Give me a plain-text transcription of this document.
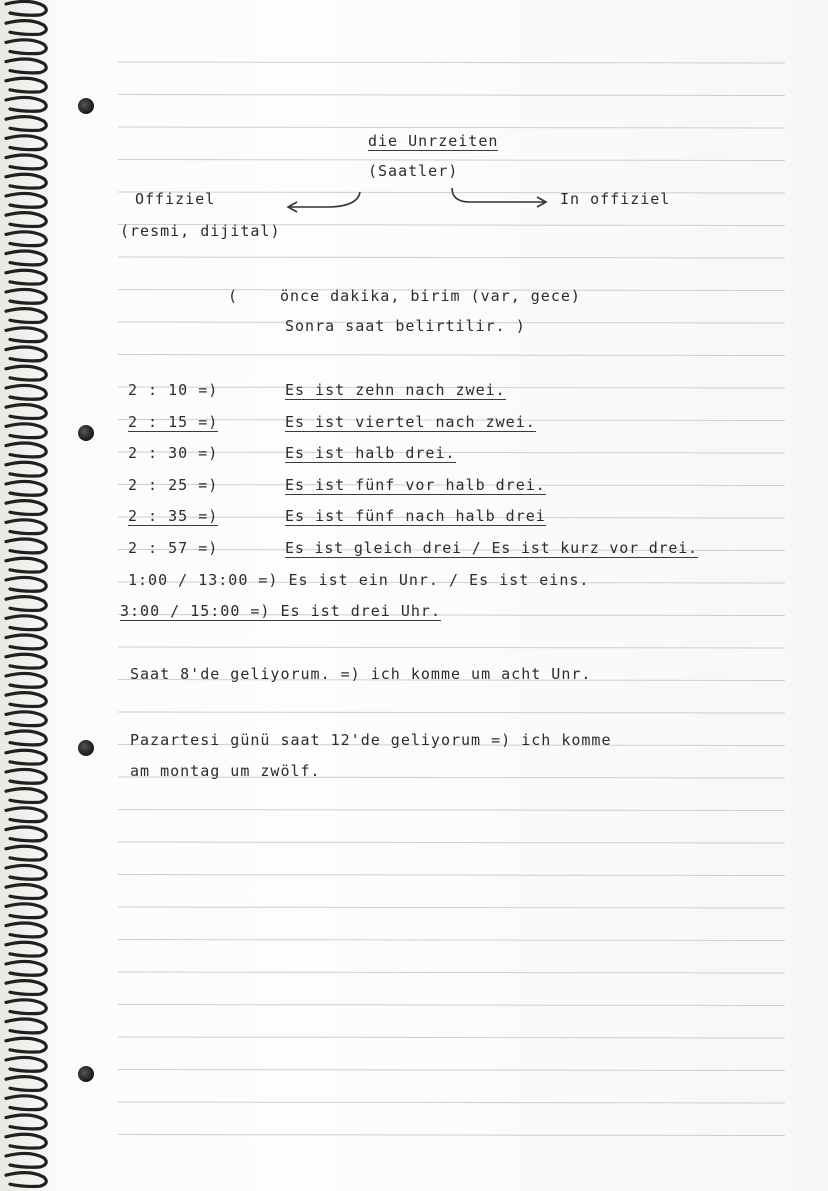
die Unrzeiten
(Saatler)
Offiziel
(resmi, dijital)
In offiziel
(	önce dakika, birim (var, gece)
Sonra saat belirtilir. )
2 : 10 =)	Es ist zehn nach zwei.
2 : 15 =)	Es ist viertel nach zwei.
2 : 30 =)	Es ist halb drei.
2 : 25 =)	Es ist fünf vor halb drei.
2 : 35 =)	Es ist fünf nach halb drei
2 : 57 =)	Es ist gleich drei / Es ist kurz vor drei.
1:00 / 13:00 =) Es ist ein Unr. / Es ist eins.
3:00 / 15:00 =) Es ist drei Uhr.
Saat 8'de geliyorum. =) ich komme um acht Unr.
Pazartesi günü saat 12'de geliyorum =) ich komme
am montag um zwölf.
